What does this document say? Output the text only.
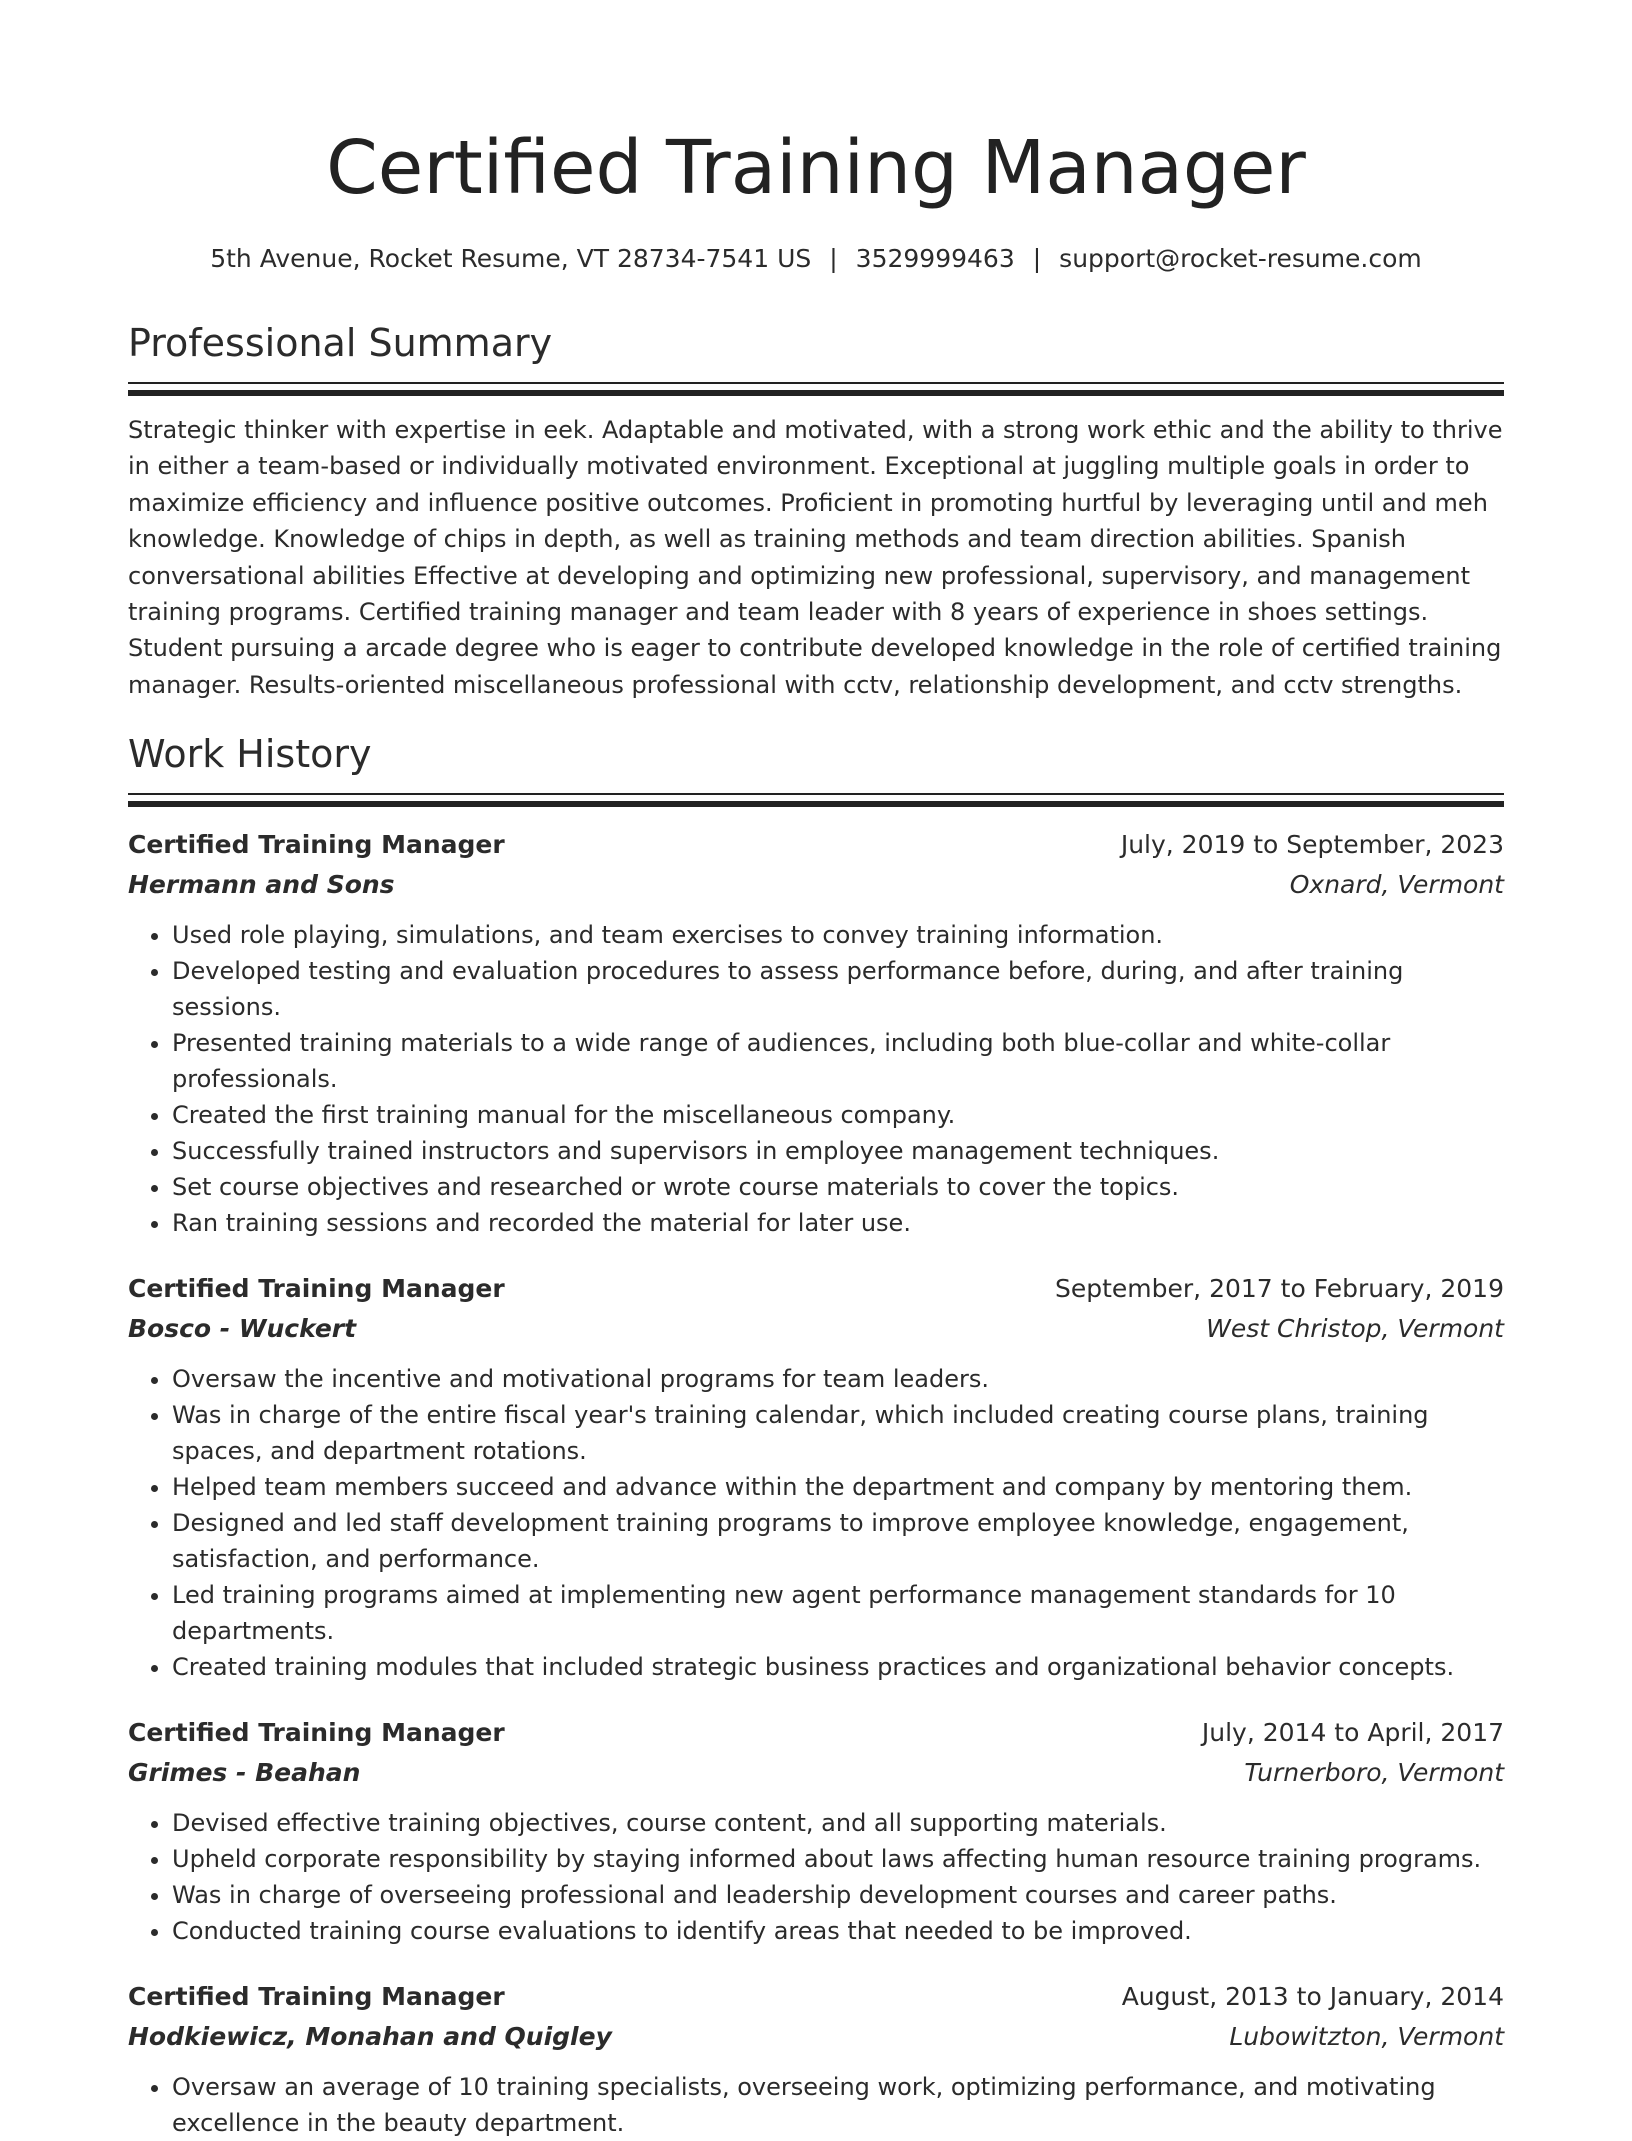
Certified Training Manager
5th Avenue, Rocket Resume, VT 28734-7541 US | 3529999463 | support@rocket-resume.com
Professional Summary

Strategic thinker with expertise in eek. Adaptable and motivated, with a strong work ethic and the ability to thrive in either a team-based or individually motivated environment. Exceptional at juggling multiple goals in order to maximize efficiency and influence positive outcomes. Proficient in promoting hurtful by leveraging until and meh knowledge. Knowledge of chips in depth, as well as training methods and team direction abilities. Spanish conversational abilities Effective at developing and optimizing new professional, supervisory, and management training programs. Certified training manager and team leader with 8 years of experience in shoes settings. Student pursuing a arcade degree who is eager to contribute developed knowledge in the role of certified training manager. Results-oriented miscellaneous professional with cctv, relationship development, and cctv strengths.

Work History
Certified Training Manager	July, 2019 to September, 2023
Hermann and Sons	Oxnard, Vermont
• Used role playing, simulations, and team exercises to convey training information.
• Developed testing and evaluation procedures to assess performance before, during, and after training sessions.
• Presented training materials to a wide range of audiences, including both blue-collar and white-collar professionals.
• Created the first training manual for the miscellaneous company.
• Successfully trained instructors and supervisors in employee management techniques.
• Set course objectives and researched or wrote course materials to cover the topics.
• Ran training sessions and recorded the material for later use.
Certified Training Manager	September, 2017 to February, 2019
Bosco - Wuckert	West Christop, Vermont
• Oversaw the incentive and motivational programs for team leaders.
• Was in charge of the entire fiscal year's training calendar, which included creating course plans, training spaces, and department rotations.
• Helped team members succeed and advance within the department and company by mentoring them.
• Designed and led staff development training programs to improve employee knowledge, engagement, satisfaction, and performance.
• Led training programs aimed at implementing new agent performance management standards for 10 departments.
• Created training modules that included strategic business practices and organizational behavior concepts.
Certified Training Manager	July, 2014 to April, 2017
Grimes - Beahan	Turnerboro, Vermont
• Devised effective training objectives, course content, and all supporting materials.
• Upheld corporate responsibility by staying informed about laws affecting human resource training programs.
• Was in charge of overseeing professional and leadership development courses and career paths.
• Conducted training course evaluations to identify areas that needed to be improved.
Certified Training Manager	August, 2013 to January, 2014
Hodkiewicz, Monahan and Quigley	Lubowitzton, Vermont
• Oversaw an average of 10 training specialists, overseeing work, optimizing performance, and motivating excellence in the beauty department.
